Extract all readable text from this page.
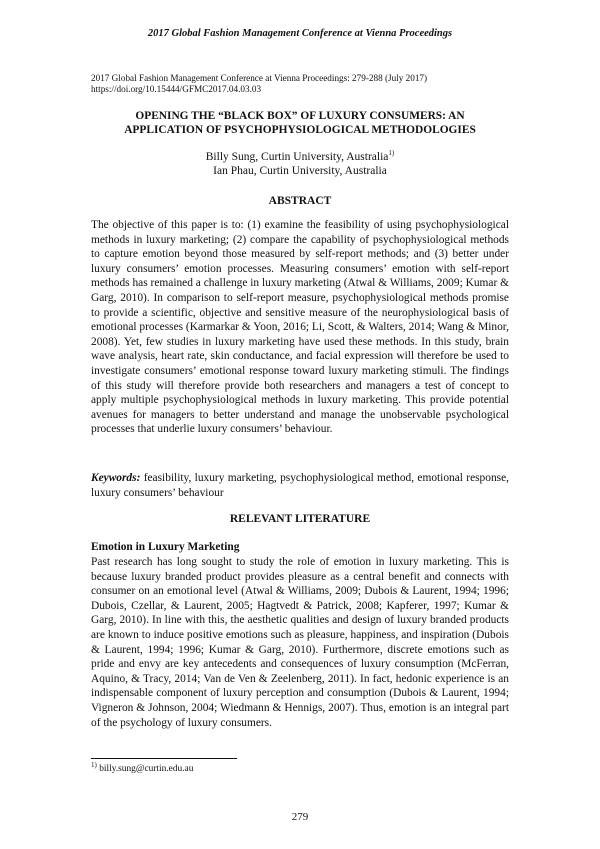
2017 Global Fashion Management Conference at Vienna Proceedings
2017 Global Fashion Management Conference at Vienna Proceedings: 279-288 (July 2017)
https://doi.org/10.15444/GFMC2017.04.03.03
OPENING THE “BLACK BOX” OF LUXURY CONSUMERS: AN
APPLICATION OF PSYCHOPHYSIOLOGICAL METHODOLOGIES
Billy Sung, Curtin University, Australia$^{1)}$
Ian Phau, Curtin University, Australia
ABSTRACT
The objective of this paper is to: (1) examine the feasibility of using psychophysiological methods in luxury marketing; (2) compare the capability of psychophysiological methods to capture emotion beyond those measured by self-report methods; and (3) better under luxury consumers’ emotion processes. Measuring consumers’ emotion with self-report methods has remained a challenge in luxury marketing (Atwal & Williams, 2009; Kumar & Garg, 2010). In comparison to self-report measure, psychophysiological methods promise to provide a scientific, objective and sensitive measure of the neurophysiological basis of emotional processes (Karmarkar & Yoon, 2016; Li, Scott, & Walters, 2014; Wang & Minor, 2008). Yet, few studies in luxury marketing have used these methods. In this study, brain wave analysis, heart rate, skin conductance, and facial expression will therefore be used to investigate consumers’ emotional response toward luxury marketing stimuli. The findings of this study will therefore provide both researchers and managers a test of concept to apply multiple psychophysiological methods in luxury marketing. This provide potential avenues for managers to better understand and manage the unobservable psychological processes that underlie luxury consumers’ behaviour.
Keywords: feasibility, luxury marketing, psychophysiological method, emotional response, luxury consumers’ behaviour
RELEVANT LITERATURE
Emotion in Luxury Marketing
Past research has long sought to study the role of emotion in luxury marketing. This is because luxury branded product provides pleasure as a central benefit and connects with consumer on an emotional level (Atwal & Williams, 2009; Dubois & Laurent, 1994; 1996; Dubois, Czellar, & Laurent, 2005; Hagtvedt & Patrick, 2008; Kapferer, 1997; Kumar & Garg, 2010). In line with this, the aesthetic qualities and design of luxury branded products are known to induce positive emotions such as pleasure, happiness, and inspiration (Dubois & Laurent, 1994; 1996; Kumar & Garg, 2010). Furthermore, discrete emotions such as pride and envy are key antecedents and consequences of luxury consumption (McFerran, Aquino, & Tracy, 2014; Van de Ven & Zeelenberg, 2011). In fact, hedonic experience is an indispensable component of luxury perception and consumption (Dubois & Laurent, 1994; Vigneron & Johnson, 2004; Wiedmann & Hennigs, 2007). Thus, emotion is an integral part of the psychology of luxury consumers.
$^{1)}$ billy.sung@curtin.edu.au
279
